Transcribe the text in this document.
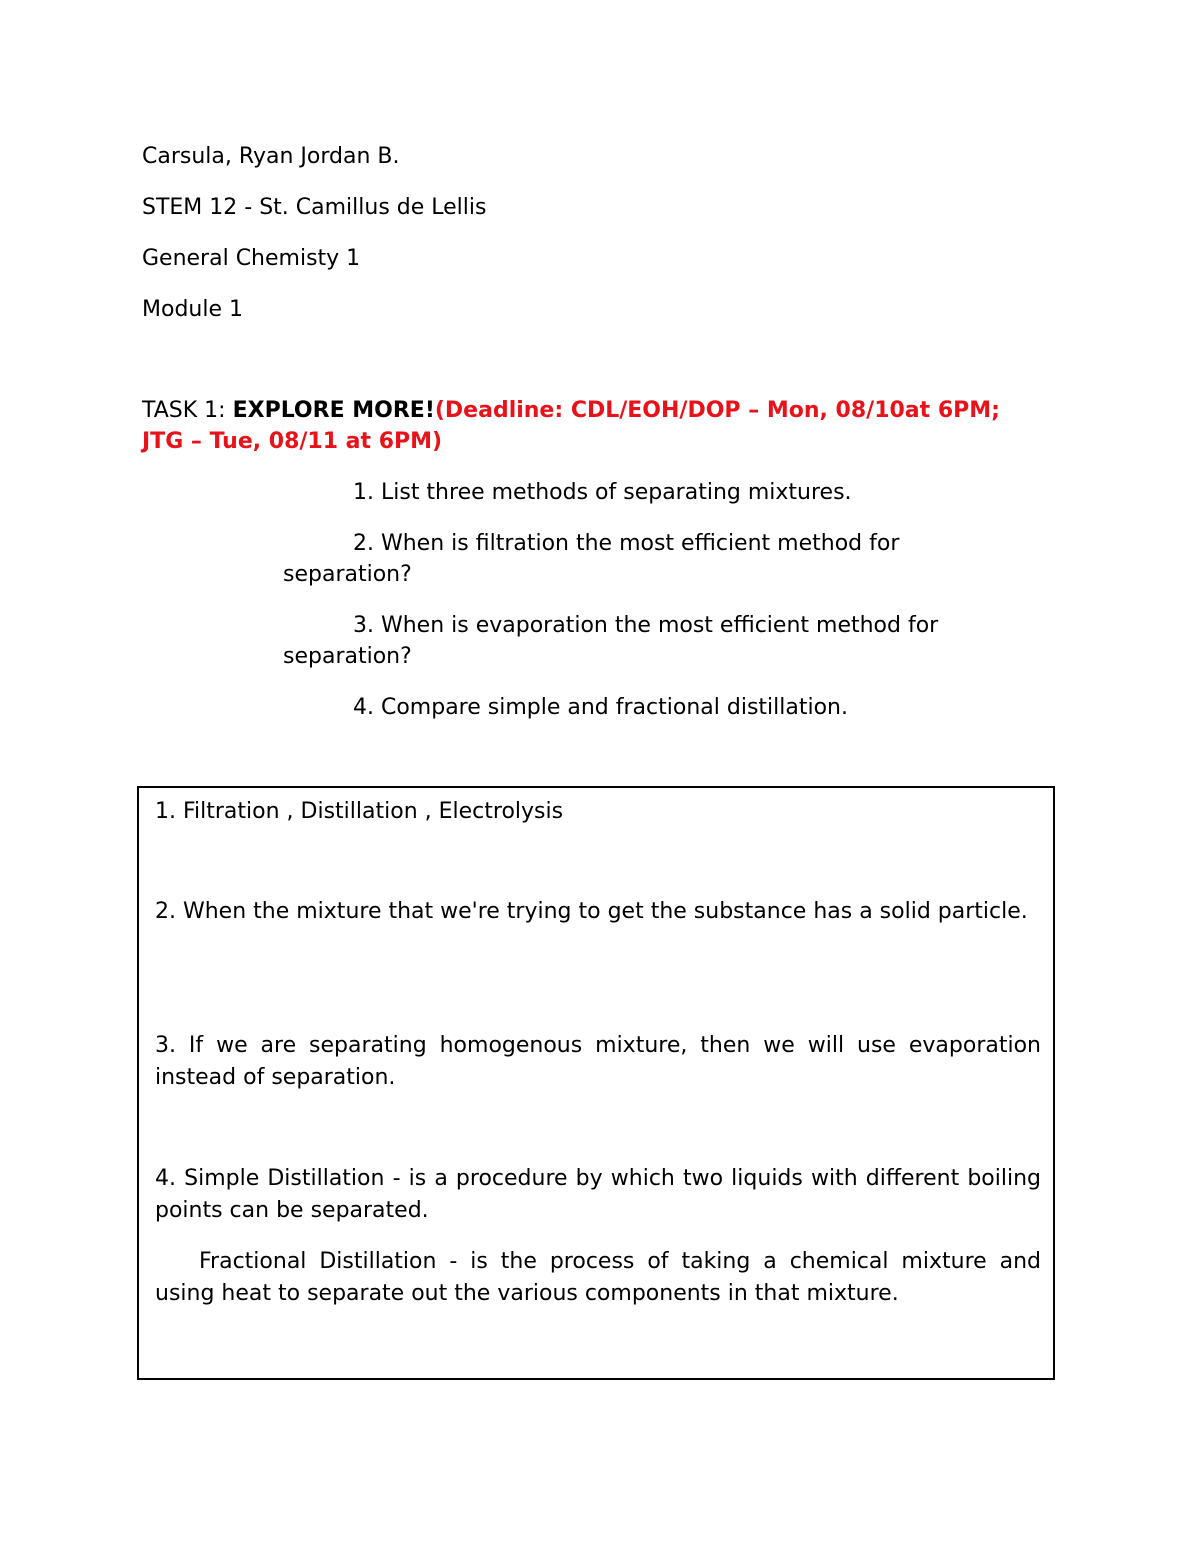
Carsula, Ryan Jordan B.
STEM 12 - St. Camillus de Lellis
General Chemisty 1
Module 1
TASK 1: EXPLORE MORE!(Deadline: CDL/EOH/DOP – Mon, 08/10at 6PM; JTG – Tue, 08/11 at 6PM)

1. List three methods of separating mixtures.

2. When is filtration the most efficient method for separation?

3. When is evaporation the most efficient method for separation?

4. Compare simple and fractional distillation.

1. Filtration , Distillation , Electrolysis
2. When the mixture that we're trying to get the substance has a solid particle.
3. If we are separating homogenous mixture, then we will use evaporation instead of separation.
4. Simple Distillation - is a procedure by which two liquids with different boiling points can be separated.
Fractional Distillation - is the process of taking a chemical mixture and using heat to separate out the various components in that mixture.
